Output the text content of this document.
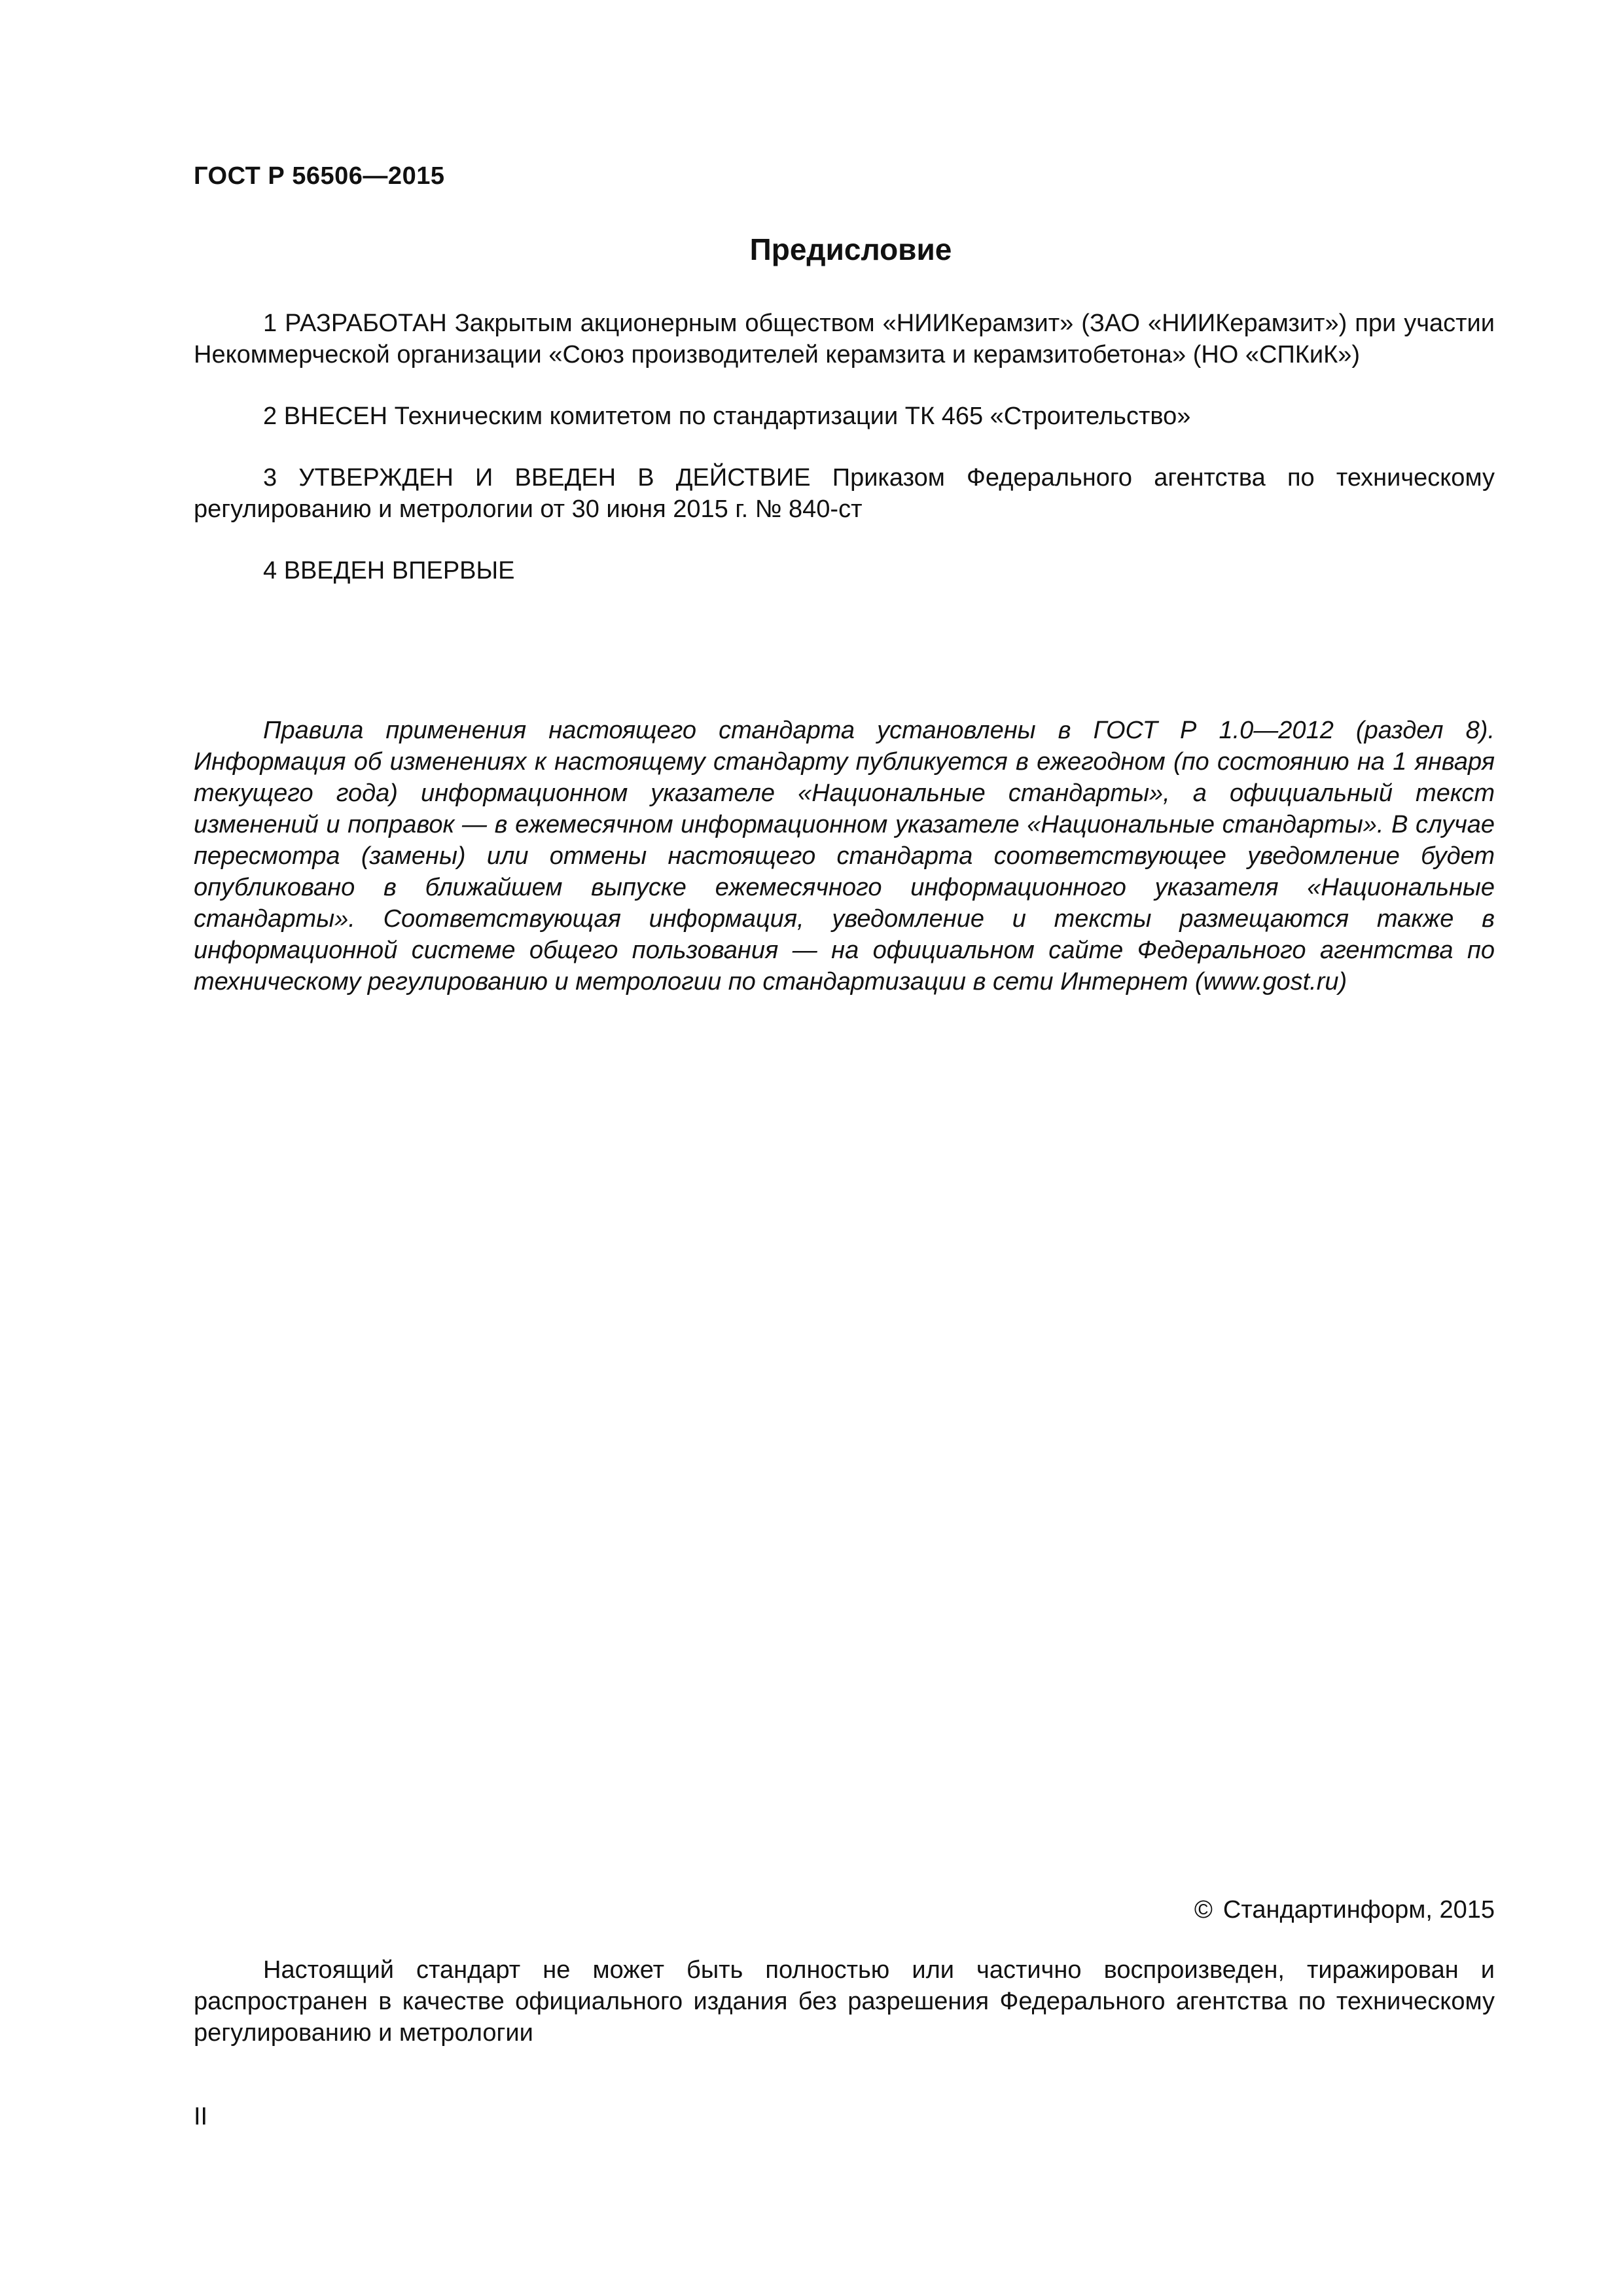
ГОСТ Р 56506—2015
Предисловие

1 РАЗРАБОТАН Закрытым акционерным обществом «НИИКерамзит» (ЗАО «НИИКерамзит») при участии Некоммерческой организации «Союз производителей керамзита и керамзитобетона» (НО «СПКиК»)

2 ВНЕСЕН Техническим комитетом по стандартизации ТК 465 «Строительство»

3 УТВЕРЖДЕН И ВВЕДЕН В ДЕЙСТВИЕ Приказом Федерального агентства по техническому регулированию и метрологии от 30 июня 2015 г. № 840-ст

4 ВВЕДЕН ВПЕРВЫЕ

Правила применения настоящего стандарта установлены в ГОСТ Р 1.0—2012 (раздел 8). Информация об изменениях к настоящему стандарту публикуется в ежегодном (по состоянию на 1 января текущего года) информационном указателе «Национальные стандарты», а официальный текст изменений и поправок — в ежемесячном информационном указателе «Национальные стандарты». В случае пересмотра (замены) или отмены настоящего стандарта соответствующее уведомление будет опубликовано в ближайшем выпуске ежемесячного информационного указателя «Национальные стандарты». Соответствующая информация, уведомление и тексты размещаются также в информационной системе общего пользования — на официальном сайте Федерального агентства по техническому регулированию и метрологии по стандартизации в сети Интернет (www.gost.ru)

© Стандартинформ, 2015

Настоящий стандарт не может быть полностью или частично воспроизведен, тиражирован и распространен в качестве официального издания без разрешения Федерального агентства по техническому регулированию и метрологии

II
